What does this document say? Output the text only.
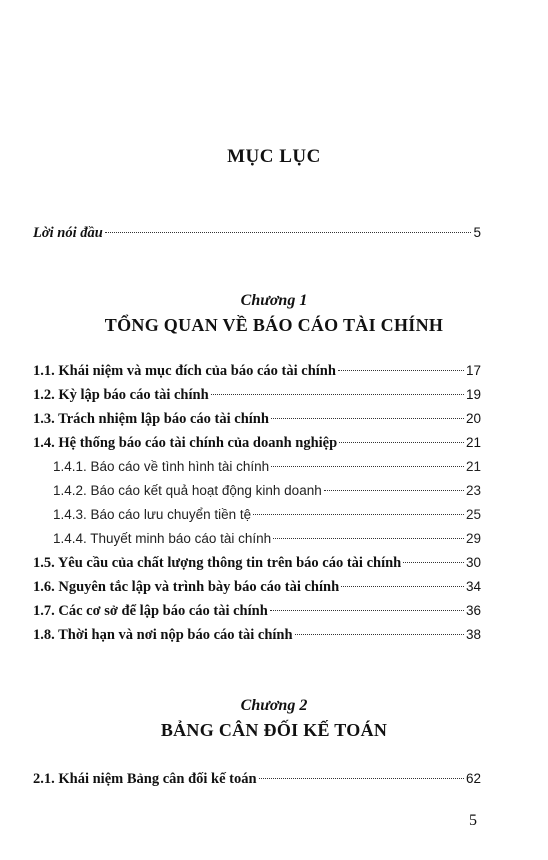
MỤC LỤC
Lời nói đầu	5
Chương 1
TỔNG QUAN VỀ BÁO CÁO TÀI CHÍNH
1.1. Khái niệm và mục đích của báo cáo tài chính	17
1.2. Kỳ lập báo cáo tài chính	19
1.3. Trách nhiệm lập báo cáo tài chính	20
1.4. Hệ thống báo cáo tài chính của doanh nghiệp	21
1.4.1. Báo cáo về tình hình tài chính	21
1.4.2. Báo cáo kết quả hoạt động kinh doanh	23
1.4.3. Báo cáo lưu chuyển tiền tệ	25
1.4.4. Thuyết minh báo cáo tài chính	29
1.5. Yêu cầu của chất lượng thông tin trên báo cáo tài chính	30
1.6. Nguyên tắc lập và trình bày báo cáo tài chính	34
1.7. Các cơ sở để lập báo cáo tài chính	36
1.8. Thời hạn và nơi nộp báo cáo tài chính	38
Chương 2
BẢNG CÂN ĐỐI KẾ TOÁN
2.1. Khái niệm Bảng cân đối kế toán	62
5
